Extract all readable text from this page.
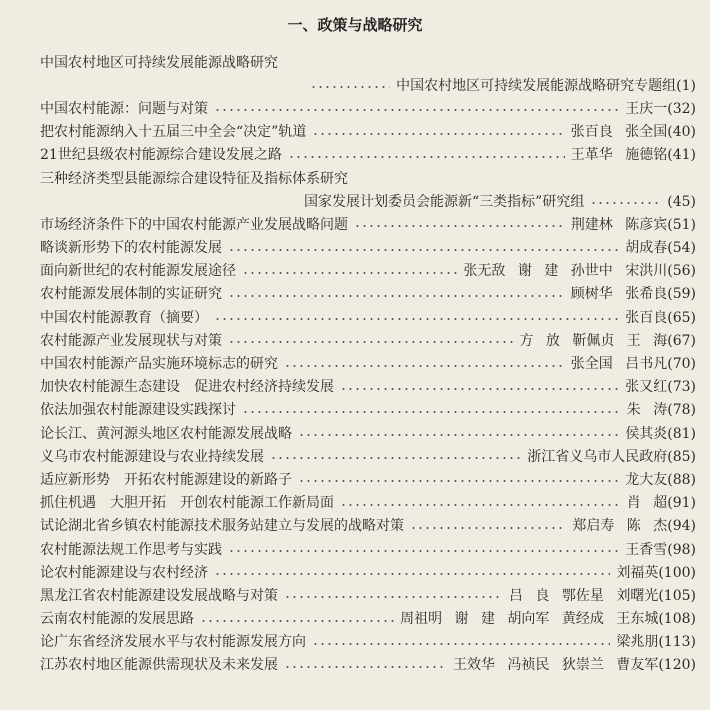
一、政策与战略研究
中国农村地区可持续发展能源战略研究
中国农村地区可持续发展能源战略研究专题组 (1)
中国农村能源：问题与对策	王庆一 (32)
把农村能源纳入十五届三中全会“决定”轨道	张百良 张全国 (40)
21世纪县级农村能源综合建设发展之路	王革华 施德铭 (41)
三种经济类型县能源综合建设特征及指标体系研究
国家发展计划委员会能源新“三类指标”研究组	(45)
市场经济条件下的中国农村能源产业发展战略问题	荆建林 陈彦宾 (51)
略谈新形势下的农村能源发展	胡成春 (54)
面向新世纪的农村能源发展途径	张无敌 谢 建 孙世中 宋洪川 (56)
农村能源发展体制的实证研究	顾树华 张希良 (59)
中国农村能源教育（摘要）	张百良 (65)
农村能源产业发展现状与对策	方 放 靳佩贞 王 海 (67)
中国农村能源产品实施环境标志的研究	张全国 吕书凡 (70)
加快农村能源生态建设　促进农村经济持续发展	张又红 (73)
依法加强农村能源建设实践探讨	朱 涛 (78)
论长江、黄河源头地区农村能源发展战略	侯其炎 (81)
义乌市农村能源建设与农业持续发展	浙江省义乌市人民政府 (85)
适应新形势　开拓农村能源建设的新路子	龙大友 (88)
抓住机遇　大胆开拓　开创农村能源工作新局面	肖 超 (91)
试论湖北省乡镇农村能源技术服务站建立与发展的战略对策	郑启寿 陈 杰 (94)
农村能源法规工作思考与实践	王香雪 (98)
论农村能源建设与农村经济	刘福英 (100)
黑龙江省农村能源建设发展战略与对策	吕 良 鄂佐星 刘曙光 (105)
云南农村能源的发展思路	周祖明 谢 建 胡向军 黄经成 王东城 (108)
论广东省经济发展水平与农村能源发展方向	梁兆朋 (113)
江苏农村地区能源供需现状及未来发展	王效华 冯祯民 狄崇兰 曹友军 (120)
